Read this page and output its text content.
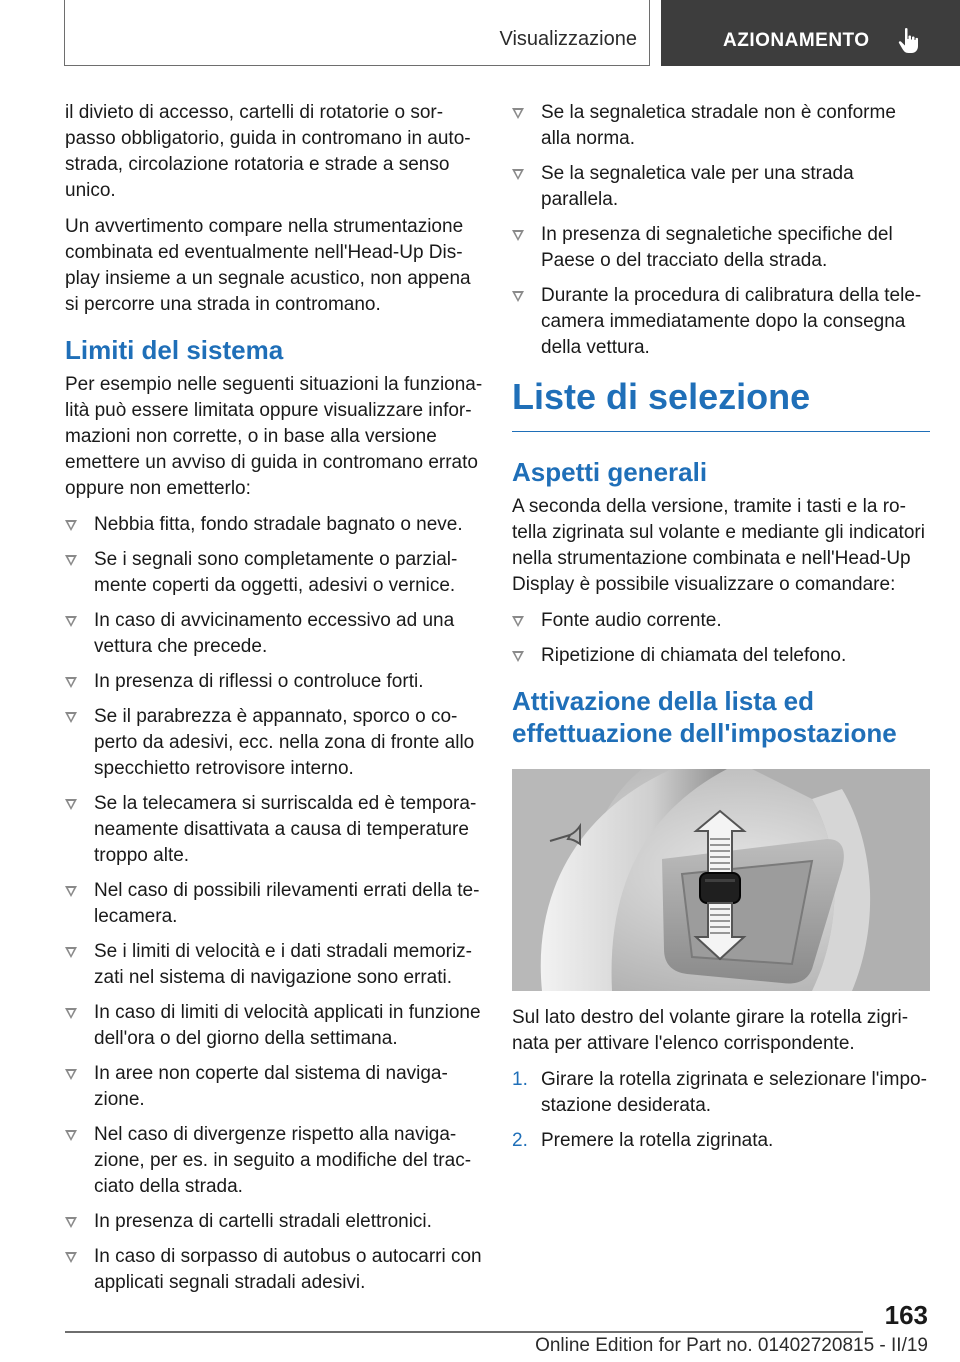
Visualizzazione	AZIONAMENTO

il divieto di accesso, cartelli di rotatorie o sor-passo obbligatorio, guida in contromano in auto-strada, circolazione rotatoria e strade a senso unico.

Un avvertimento compare nella strumentazione combinata ed eventualmente nell'Head-Up Dis-play insieme a un segnale acustico, non appena si percorre una strada in contromano.

Limiti del sistema

Per esempio nelle seguenti situazioni la funziona-lità può essere limitata oppure visualizzare infor-mazioni non corrette, o in base alla versione emettere un avviso di guida in contromano errato oppure non emetterlo:

Nebbia fitta, fondo stradale bagnato o neve.
Se i segnali sono completamente o parzial-mente coperti da oggetti, adesivi o vernice.
In caso di avvicinamento eccessivo ad una vettura che precede.
In presenza di riflessi o controluce forti.
Se il parabrezza è appannato, sporco o co-perto da adesivi, ecc. nella zona di fronte allo specchietto retrovisore interno.
Se la telecamera si surriscalda ed è tempora-neamente disattivata a causa di temperature troppo alte.
Nel caso di possibili rilevamenti errati della te-lecamera.
Se i limiti di velocità e i dati stradali memoriz-zati nel sistema di navigazione sono errati.
In caso di limiti di velocità applicati in funzione dell'ora o del giorno della settimana.
In aree non coperte dal sistema di naviga-zione.
Nel caso di divergenze rispetto alla naviga-zione, per es. in seguito a modifiche del trac-ciato della strada.
In presenza di cartelli stradali elettronici.
In caso di sorpasso di autobus o autocarri con applicati segnali stradali adesivi.
Se la segnaletica stradale non è conforme alla norma.
Se la segnaletica vale per una strada parallela.
In presenza di segnaletiche specifiche del Paese o del tracciato della strada.
Durante la procedura di calibratura della tele-camera immediatamente dopo la consegna della vettura.
Liste di selezione
Aspetti generali

A seconda della versione, tramite i tasti e la ro-tella zigrinata sul volante e mediante gli indicatori nella strumentazione combinata e nell'Head-Up Display è possibile visualizzare o comandare:

Fonte audio corrente.
Ripetizione di chiamata del telefono.
Attivazione della lista ed effettuazione dell'impostazione

Sul lato destro del volante girare la rotella zigri-nata per attivare l'elenco corrispondente.

1. Girare la rotella zigrinata e selezionare l'impo-stazione desiderata.
2. Premere la rotella zigrinata.
163
Online Edition for Part no. 01402720815 - II/19
